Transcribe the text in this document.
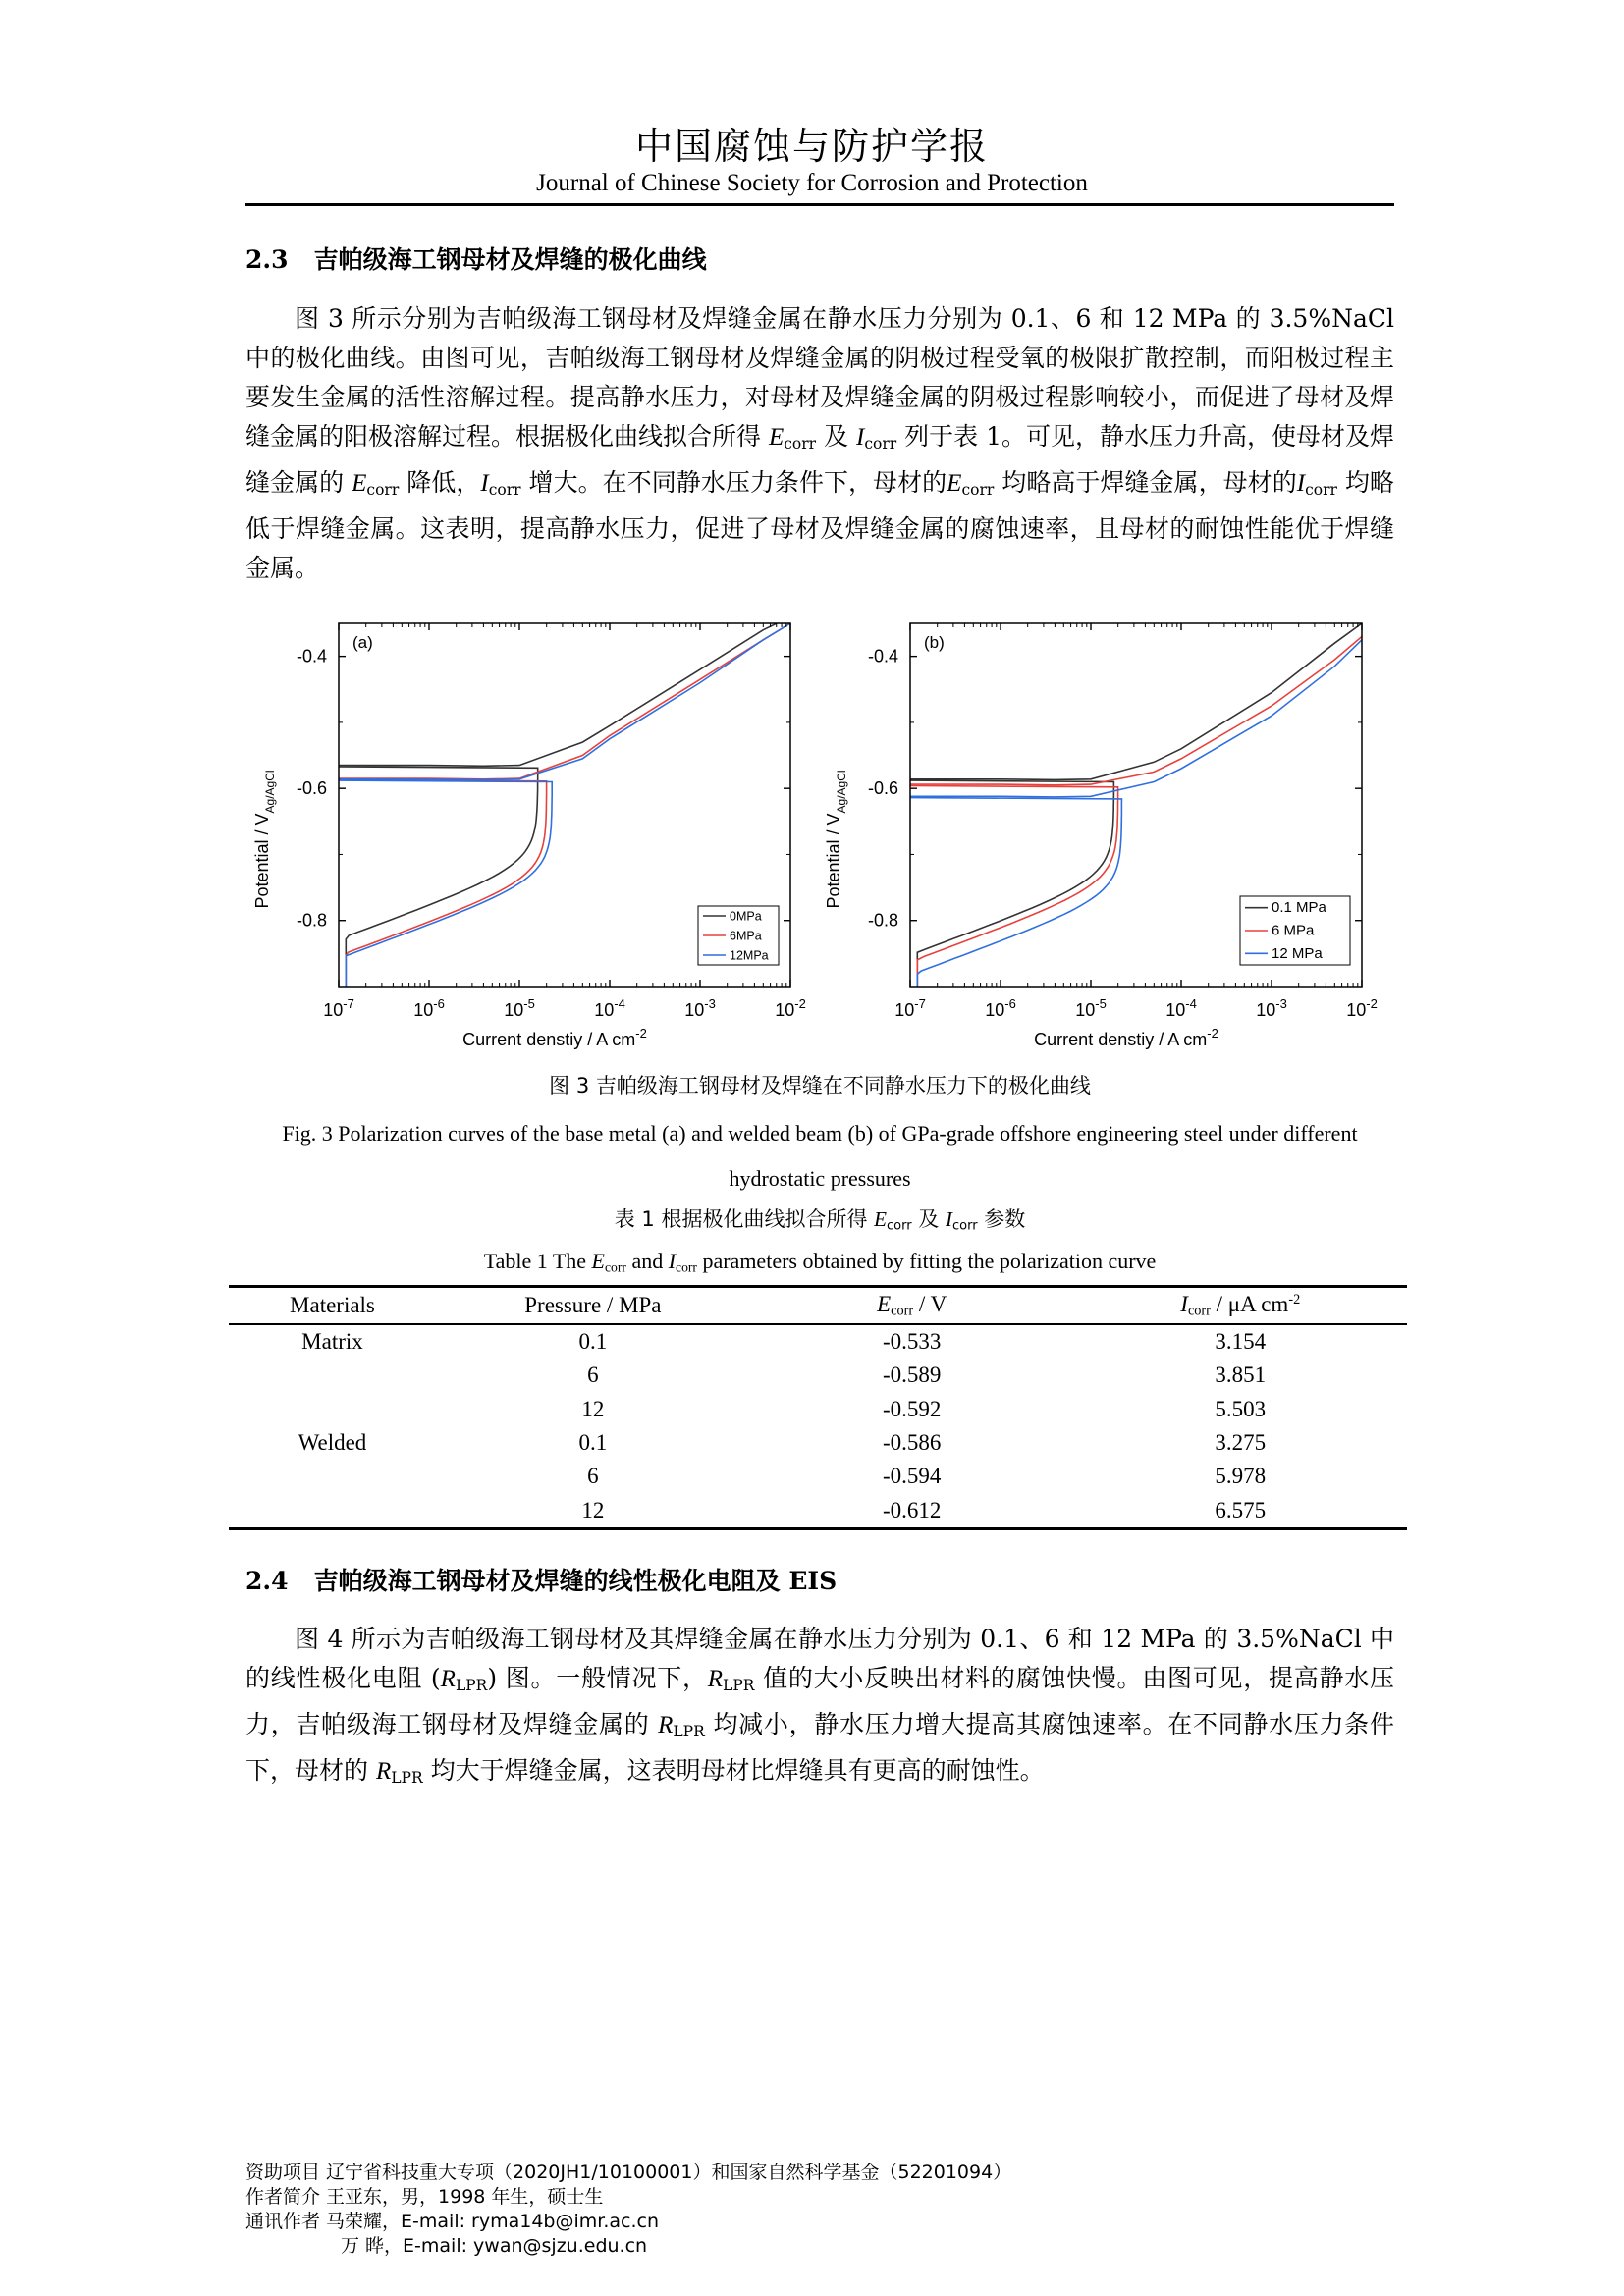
中国腐蚀与防护学报
Journal of Chinese Society for Corrosion and Protection
2.3 吉帕级海工钢母材及焊缝的极化曲线

图 3 所示分别为吉帕级海工钢母材及焊缝金属在静水压力分别为 0.1、6 和 12 MPa 的 3.5%NaCl 中的极化曲线。由图可见，吉帕级海工钢母材及焊缝金属的阴极过程受氧的极限扩散控制，而阳极过程主要发生金属的活性溶解过程。提高静水压力，对母材及焊缝金属的阴极过程影响较小，而促进了母材及焊缝金属的阳极溶解过程。根据极化曲线拟合所得 $E_{corr}$ 及 $I_{corr}$ 列于表 1。可见，静水压力升高，使母材及焊缝金属的 $E_{corr}$ 降低，$I_{corr}$ 增大。在不同静水压力条件下，母材的$E_{corr}$ 均略高于焊缝金属，母材的$I_{corr}$ 均略低于焊缝金属。这表明，提高静水压力，促进了母材及焊缝金属的腐蚀速率，且母材的耐蚀性能优于焊缝金属。

$10^{-7}$	$10^{-6}$	$10^{-5}$	$10^{-4}$	$10^{-3}$	$10^{-2}$
-0.4
-0.6
-0.8
Current denstiy / A $cm^{-2}$
Potential / $V_{Ag/AgCl}$
(a)
0MPa
6MPa
12MPa
$10^{-7}$	$10^{-6}$	$10^{-5}$	$10^{-4}$	$10^{-3}$	$10^{-2}$
-0.4
-0.6
-0.8
Current denstiy / A $cm^{-2}$
Potential / $V_{Ag/AgCl}$
(b)
0.1 MPa
6 MPa
12 MPa
图 3 吉帕级海工钢母材及焊缝在不同静水压力下的极化曲线
Fig. 3 Polarization curves of the base metal (a) and welded beam (b) of GPa-grade offshore engineering steel under different hydrostatic pressures
表 1 根据极化曲线拟合所得 $E_{corr}$ 及 $I_{corr}$ 参数
Table 1 The $E_{corr}$ and $I_{corr}$ parameters obtained by fitting the polarization curve
Materials	Pressure / MPa	$E_{corr}$ / V	$I_{corr}$ / μA $cm^{-2}$
Matrix	0.1	-0.533	3.154
	6	-0.589	3.851
	12	-0.592	5.503
Welded	0.1	-0.586	3.275
	6	-0.594	5.978
	12	-0.612	6.575
2.4 吉帕级海工钢母材及焊缝的线性极化电阻及 EIS

图 4 所示为吉帕级海工钢母材及其焊缝金属在静水压力分别为 0.1、6 和 12 MPa 的 3.5%NaCl 中的线性极化电阻 $(R_{LPR})$ 图。一般情况下，$R_{LPR}$ 值的大小反映出材料的腐蚀快慢。由图可见，提高静水压力，吉帕级海工钢母材及焊缝金属的 $R_{LPR}$ 均减小，静水压力增大提高其腐蚀速率。在不同静水压力条件下，母材的 $R_{LPR}$ 均大于焊缝金属，这表明母材比焊缝具有更高的耐蚀性。

资助项目 辽宁省科技重大专项（2020JH1/10100001）和国家自然科学基金（52201094）
作者简介 王亚东，男，1998 年生，硕士生
通讯作者 马荣耀，E-mail: ryma14b@imr.ac.cn
万 晔，E-mail: ywan@sjzu.edu.cn
